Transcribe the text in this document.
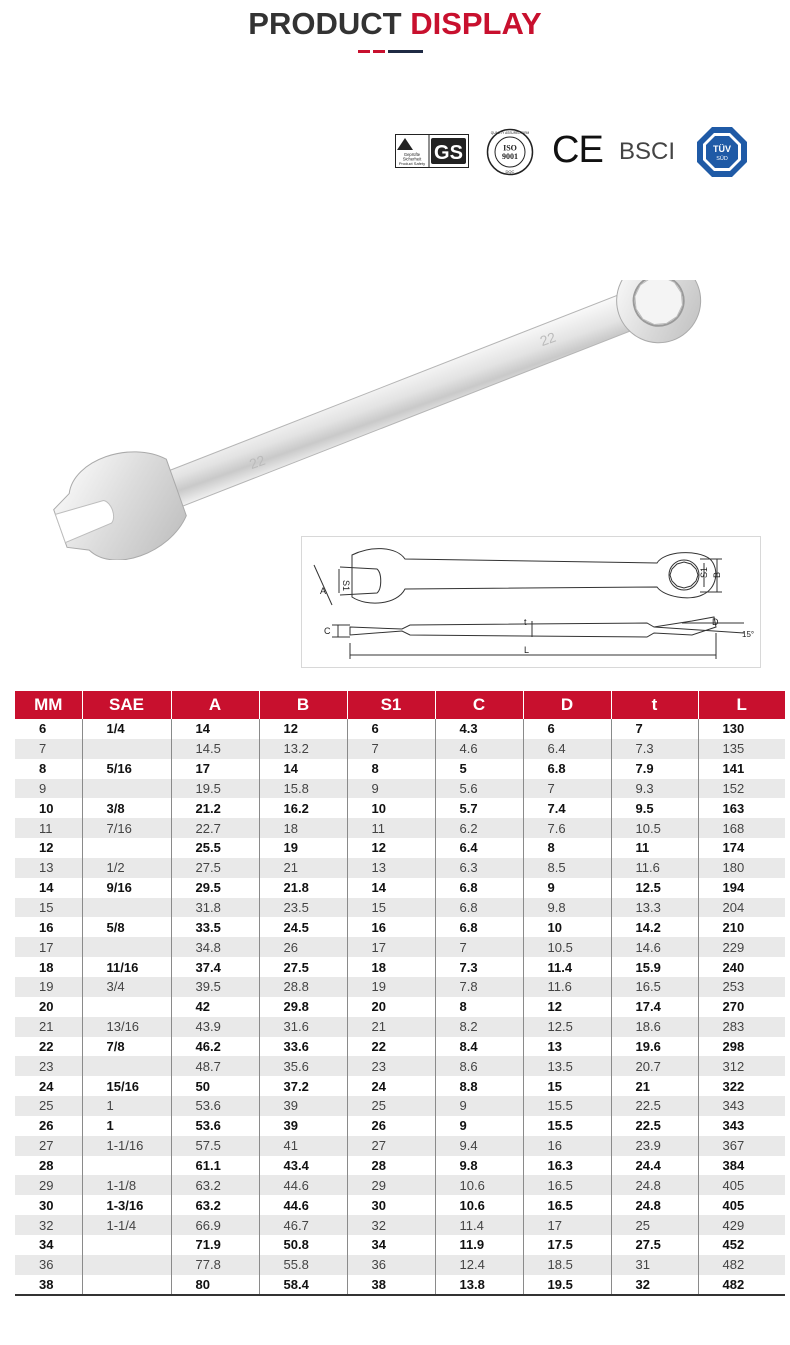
PRODUCT DISPLAY
Geprüfte
Sicherheit
Product Safety GS
QUALITY ASSURED FIRM
ISO
9001
DQC
CE BSCI	TÜV
SÜD
22
22
A S1
S1 B
C
t	D
L
15°
MM	SAE	A	B	S1	C	D	t	L
6	1/4	14	12	6	4.3	6	7	130
7		14.5	13.2	7	4.6	6.4	7.3	135
8	5/16	17	14	8	5	6.8	7.9	141
9		19.5	15.8	9	5.6	7	9.3	152
10	3/8	21.2	16.2	10	5.7	7.4	9.5	163
11	7/16	22.7	18	11	6.2	7.6	10.5	168
12		25.5	19	12	6.4	8	11	174
13	1/2	27.5	21	13	6.3	8.5	11.6	180
14	9/16	29.5	21.8	14	6.8	9	12.5	194
15		31.8	23.5	15	6.8	9.8	13.3	204
16	5/8	33.5	24.5	16	6.8	10	14.2	210
17		34.8	26	17	7	10.5	14.6	229
18	11/16	37.4	27.5	18	7.3	11.4	15.9	240
19	3/4	39.5	28.8	19	7.8	11.6	16.5	253
20		42	29.8	20	8	12	17.4	270
21	13/16	43.9	31.6	21	8.2	12.5	18.6	283
22	7/8	46.2	33.6	22	8.4	13	19.6	298
23		48.7	35.6	23	8.6	13.5	20.7	312
24	15/16	50	37.2	24	8.8	15	21	322
25	1	53.6	39	25	9	15.5	22.5	343
26	1	53.6	39	26	9	15.5	22.5	343
27	1-1/16	57.5	41	27	9.4	16	23.9	367
28		61.1	43.4	28	9.8	16.3	24.4	384
29	1-1/8	63.2	44.6	29	10.6	16.5	24.8	405
30	1-3/16	63.2	44.6	30	10.6	16.5	24.8	405
32	1-1/4	66.9	46.7	32	11.4	17	25	429
34		71.9	50.8	34	11.9	17.5	27.5	452
36		77.8	55.8	36	12.4	18.5	31	482
38		80	58.4	38	13.8	19.5	32	482
